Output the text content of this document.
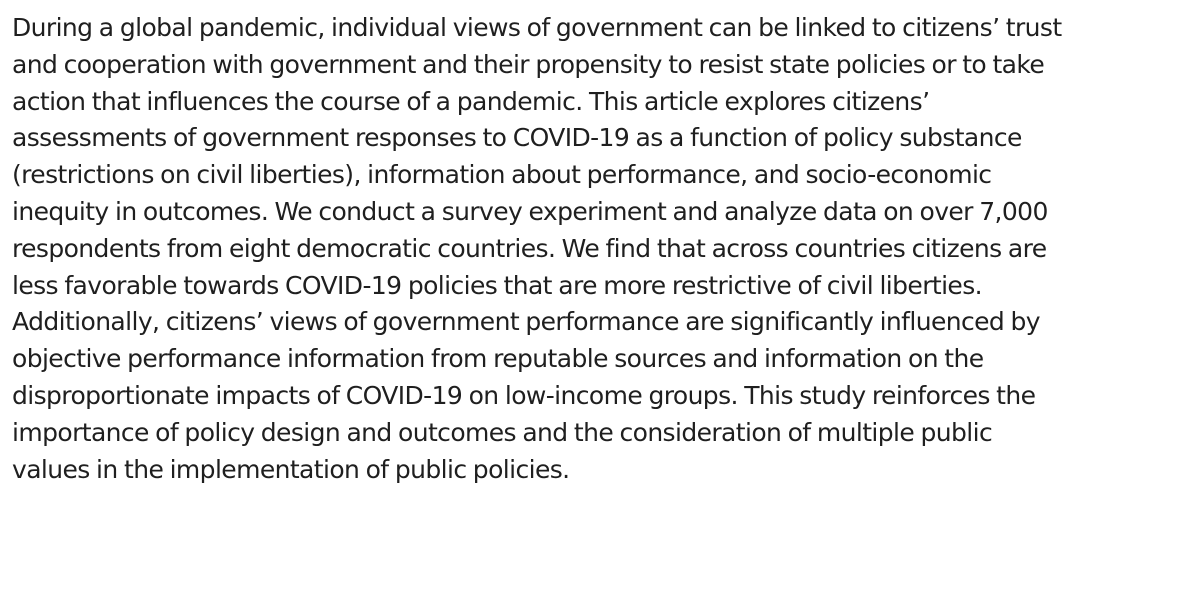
During a global pandemic, individual views of government can be linked to citizens’ trust
and cooperation with government and their propensity to resist state policies or to take
action that influences the course of a pandemic. This article explores citizens’
assessments of government responses to COVID-19 as a function of policy substance
(restrictions on civil liberties), information about performance, and socio-economic
inequity in outcomes. We conduct a survey experiment and analyze data on over 7,000
respondents from eight democratic countries. We find that across countries citizens are
less favorable towards COVID-19 policies that are more restrictive of civil liberties.
Additionally, citizens’ views of government performance are significantly influenced by
objective performance information from reputable sources and information on the
disproportionate impacts of COVID-19 on low-income groups. This study reinforces the
importance of policy design and outcomes and the consideration of multiple public
values in the implementation of public policies.
